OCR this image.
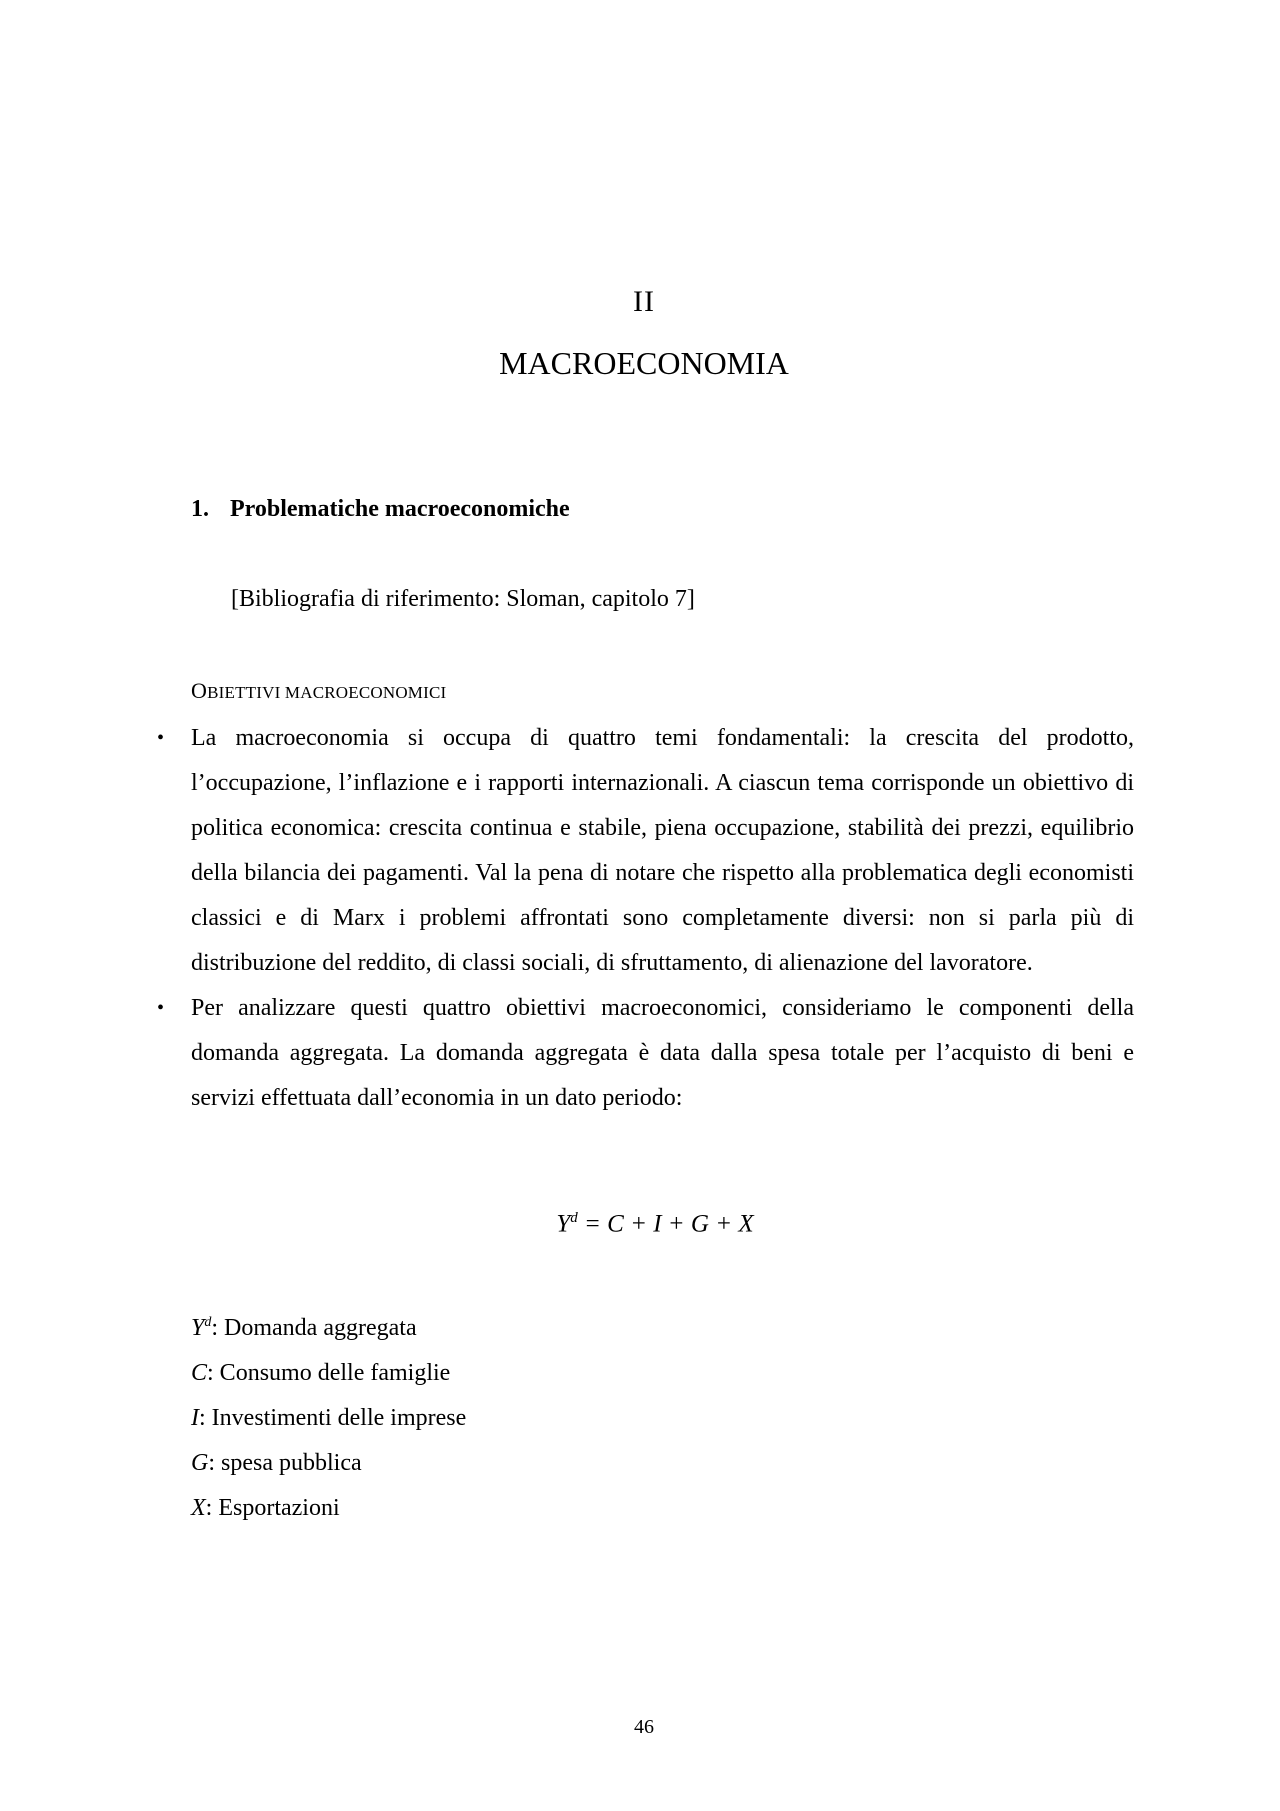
II
MACROECONOMIA
1. Problematiche macroeconomiche
[Bibliografia di riferimento: Sloman, capitolo 7]
OBIETTIVI MACROECONOMICI
• La macroeconomia si occupa di quattro temi fondamentali: la crescita del prodotto, l’occupazione, l’inflazione e i rapporti internazionali. A ciascun tema corrisponde un obiettivo di politica economica: crescita continua e stabile, piena occupazione, stabilità dei prezzi, equilibrio della bilancia dei pagamenti. Val la pena di notare che rispetto alla problematica degli economisti classici e di Marx i problemi affrontati sono completamente diversi: non si parla più di distribuzione del reddito, di classi sociali, di sfruttamento, di alienazione del lavoratore.
• Per analizzare questi quattro obiettivi macroeconomici, consideriamo le componenti della domanda aggregata. La domanda aggregata è data dalla spesa totale per l’acquisto di beni e servizi effettuata dall’economia in un dato periodo:
$Y^d = C + I + G + X$
$Y^d$: Domanda aggregata
C: Consumo delle famiglie
I: Investimenti delle imprese
G: spesa pubblica
X: Esportazioni
46
